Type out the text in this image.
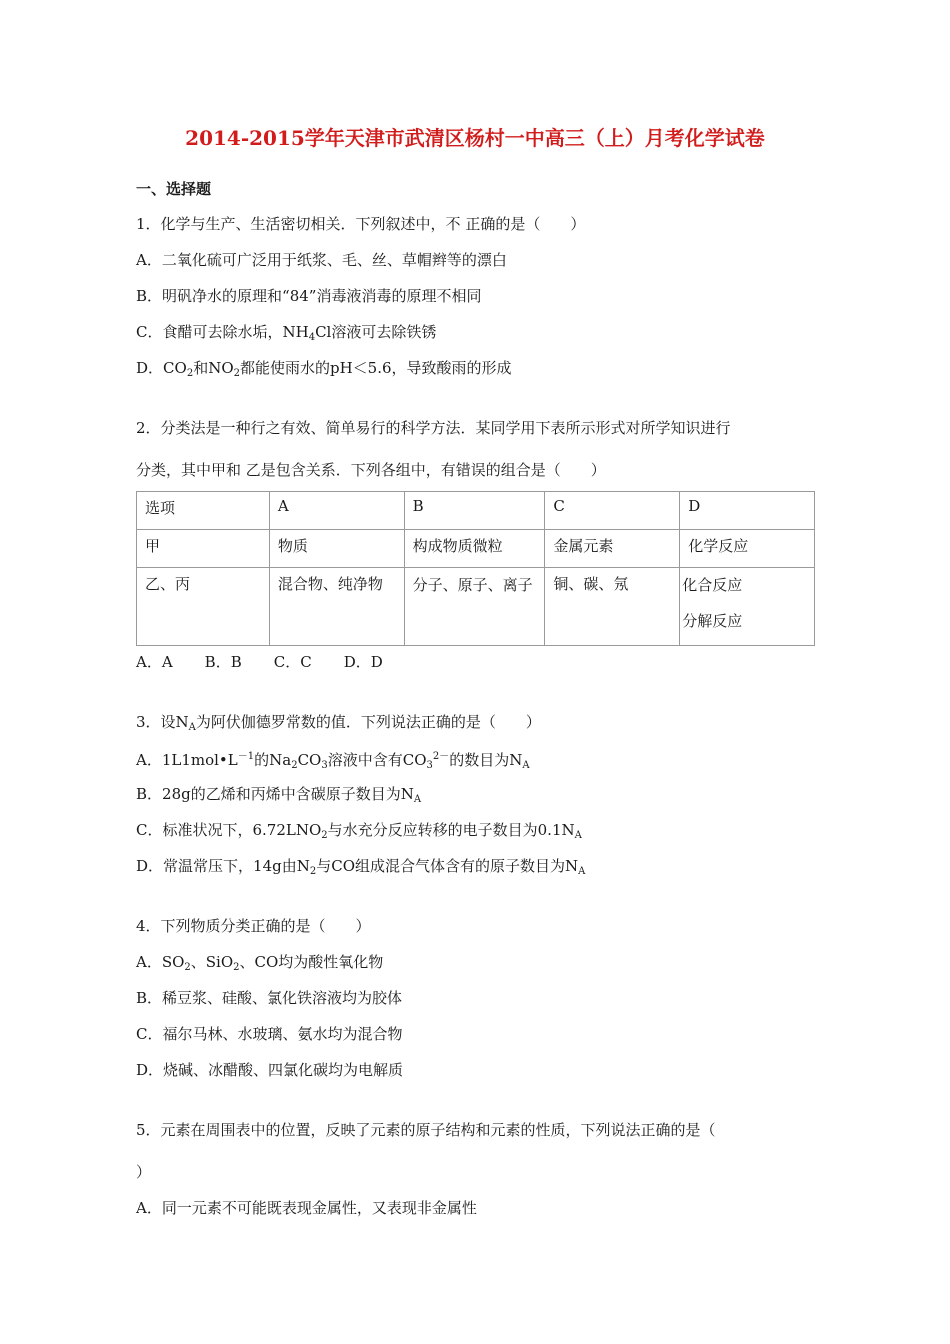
2014-2015学年天津市武清区杨村一中高三（上）月考化学试卷
一、选择题
1．化学与生产、生活密切相关．下列叙述中，不 正确的是（　　）
A．二氧化硫可广泛用于纸浆、毛、丝、草帽辫等的漂白
B．明矾净水的原理和“84”消毒液消毒的原理不相同
C．食醋可去除水垢，$NH_4Cl$溶液可去除铁锈
D．$CO_2$和$NO_2$都能使雨水的pH＜5.6，导致酸雨的形成
2．分类法是一种行之有效、简单易行的科学方法．某同学用下表所示形式对所学知识进行
分类，其中甲和 乙是包含关系．下列各组中，有错误的组合是（　　）
选项	A	B	C	D
甲	物质	构成物质微粒	金属元素	化学反应
乙、丙	混合物、纯净物	分子、原子、离子	铜、碳、氖	化合反应
分解反应
A．A B．B C．C D．D
3．设$N_A$为阿伏伽德罗常数的值．下列说法正确的是（　　）
A．$1L1mol•L^{-1}$的$Na_2CO_3$溶液中含有$CO_3^{2-}$的数目为$N_A$
B．28g的乙烯和丙烯中含碳原子数目为$N_A$
C．标准状况下，$6.72LNO_2$与水充分反应转移的电子数目为$0.1N_A$
D．常温常压下，14g由$N_2$与CO组成混合气体含有的原子数目为$N_A$
4．下列物质分类正确的是（　　）
A．$SO_2$、SiO$_2$、CO均为酸性氧化物
B．稀豆浆、硅酸、氯化铁溶液均为胶体
C．福尔马林、水玻璃、氨水均为混合物
D．烧碱、冰醋酸、四氯化碳均为电解质
5．元素在周围表中的位置，反映了元素的原子结构和元素的性质，下列说法正确的是（
）
A．同一元素不可能既表现金属性，又表现非金属性
